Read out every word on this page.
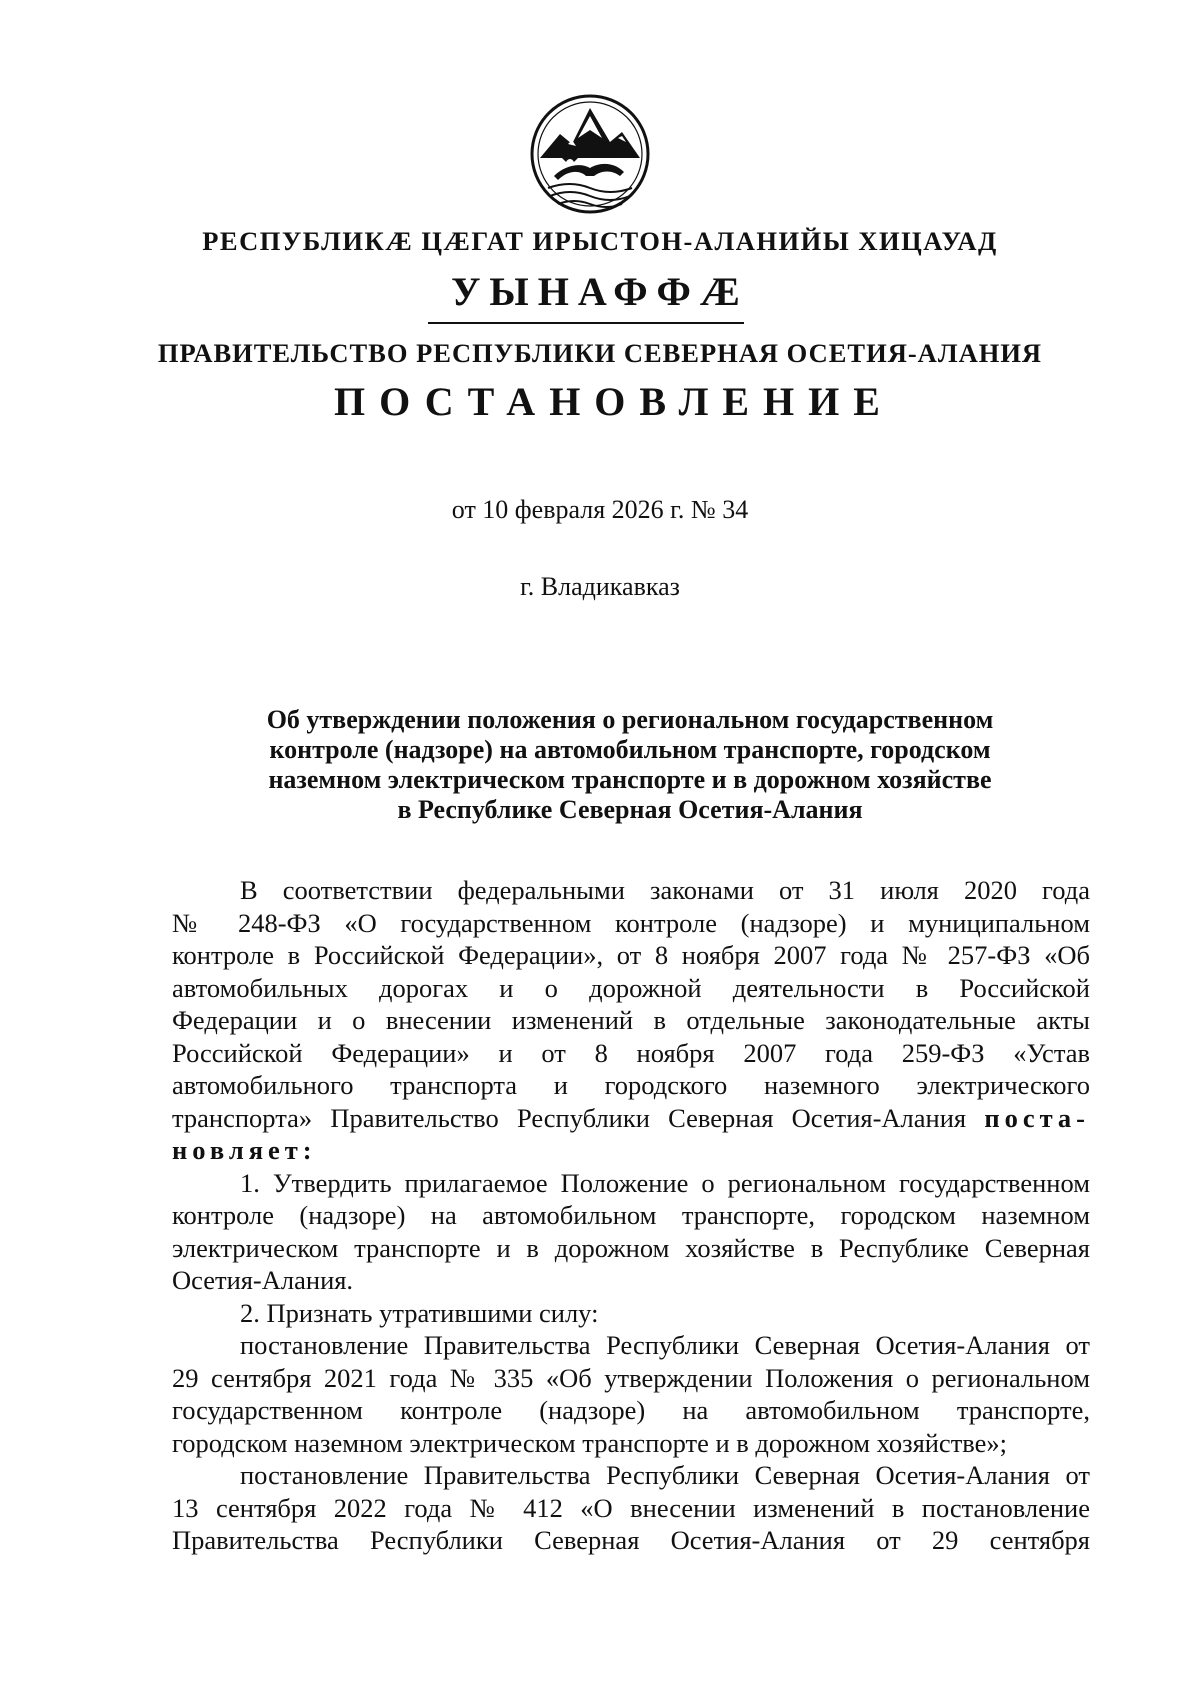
РЕСПУБЛИКÆ ЦÆГАТ ИРЫСТОН-АЛАНИЙЫ ХИЦАУАД
УЫНАФФÆ
ПРАВИТЕЛЬСТВО РЕСПУБЛИКИ СЕВЕРНАЯ ОСЕТИЯ-АЛАНИЯ
ПОСТАНОВЛЕНИЕ
от 10 февраля 2026 г. № 34
г. Владикавказ
Об утверждении положения о региональном государственном
контроле (надзоре) на автомобильном транспорте, городском
наземном электрическом транспорте и в дорожном хозяйстве
в Республике Северная Осетия-Алания
В соответствии федеральными законами от 31 июля 2020 года
№ 248-ФЗ «О государственном контроле (надзоре) и муниципальном
контроле в Российской Федерации», от 8 ноября 2007 года № 257-ФЗ «Об
автомобильных дорогах и о дорожной деятельности в Российской
Федерации и о внесении изменений в отдельные законодательные акты
Российской Федерации» и от 8 ноября 2007 года 259-ФЗ «Устав
автомобильного транспорта и городского наземного электрического
транспорта» Правительство Республики Северная Осетия-Алания поста-
новляет:
1. Утвердить прилагаемое Положение о региональном государственном
контроле (надзоре) на автомобильном транспорте, городском наземном
электрическом транспорте и в дорожном хозяйстве в Республике Северная
Осетия-Алания.
2. Признать утратившими силу:
постановление Правительства Республики Северная Осетия-Алания от
29 сентября 2021 года № 335 «Об утверждении Положения о региональном
государственном контроле (надзоре) на автомобильном транспорте,
городском наземном электрическом транспорте и в дорожном хозяйстве»;
постановление Правительства Республики Северная Осетия-Алания от
13 сентября 2022 года № 412 «О внесении изменений в постановление
Правительства Республики Северная Осетия-Алания от 29 сентября
